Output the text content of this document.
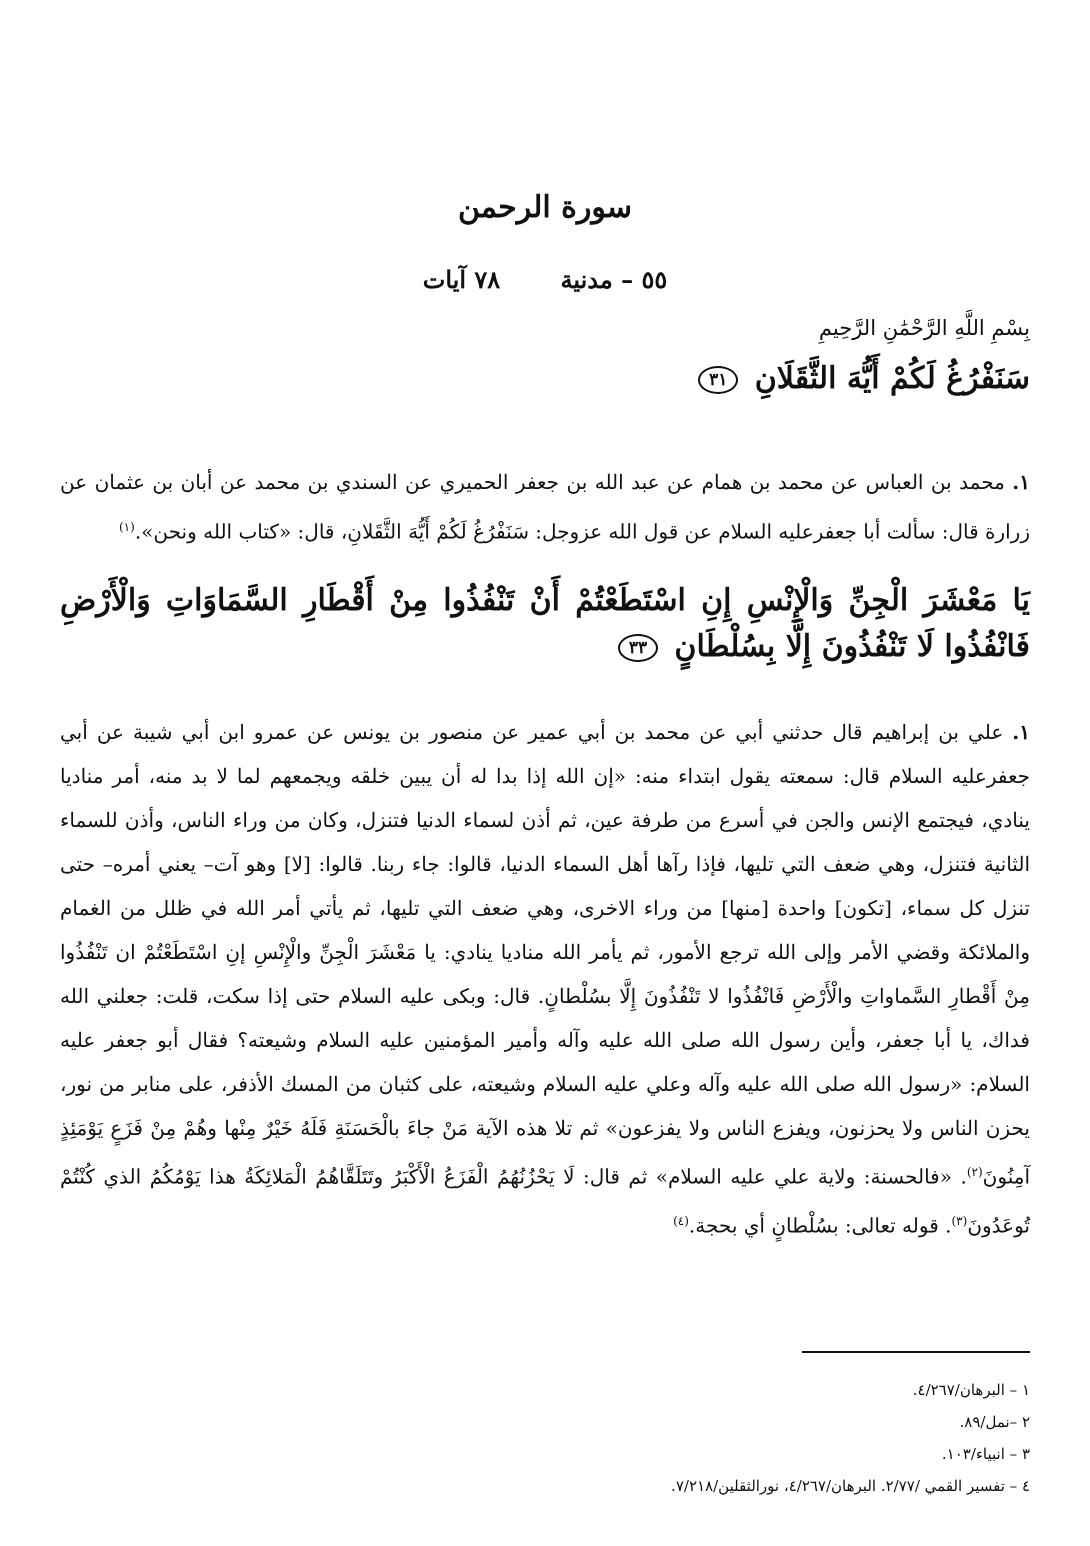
سورة الرحمن
٥٥ – مدنية ٧٨ آيات
بِسْمِ اللَّهِ الرَّحْمَٰنِ الرَّحِيمِ
سَنَفْرُغُ لَكُمْ أَيُّهَ الثَّقَلَانِ ٣١

١. محمد بن العباس عن محمد بن همام عن عبد الله بن جعفر الحميري عن السندي بن محمد عن أبان بن عثمان عن زرارة قال: سألت أبا جعفرعليه السلام عن قول الله عزوجل: سَنَفْرُغُ لَكُمْ أَيُّهَ الثَّقَلانِ، قال: «كتاب الله ونحن».$^{(١)}$

يَا مَعْشَرَ الْجِنِّ وَالْإِنْسِ إِنِ اسْتَطَعْتُمْ أَنْ تَنْفُذُوا مِنْ أَقْطَارِ السَّمَاوَاتِ وَالْأَرْضِ فَانْفُذُوا لَا تَنْفُذُونَ إِلَّا بِسُلْطَانٍ ٣٣

١. علي بن إبراهيم قال حدثني أبي عن محمد بن أبي عمير عن منصور بن يونس عن عمرو ابن أبي شيبة عن أبي جعفرعليه السلام قال: سمعته يقول ابتداء منه: «إن الله إذا بدا له أن يبين خلقه ويجمعهم لما لا بد منه، أمر مناديا ينادي، فيجتمع الإنس والجن في أسرع من طرفة عين، ثم أذن لسماء الدنيا فتنزل، وكان من وراء الناس، وأذن للسماء الثانية فتنزل، وهي ضعف التي تليها، فإذا رآها أهل السماء الدنيا، قالوا: جاء ربنا. قالوا: [لا] وهو آت– يعني أمره– حتى تنزل كل سماء، [تكون] واحدة [منها] من وراء الاخرى، وهي ضعف التي تليها، ثم يأتي أمر الله في ظلل من الغمام والملائكة وقضي الأمر وإلى الله ترجع الأمور، ثم يأمر الله مناديا ينادي: يا مَعْشَرَ الْجِنِّ والْإِنْسِ إنِ اسْتَطَعْتُمْ ان تَنْفُذُوا مِنْ أَقْطارِ السَّماواتِ والْأَرْضِ فَانْفُذُوا لا تَنْفُذُونَ إِلَّا بسُلْطانٍ. قال: وبكى عليه السلام حتى إذا سكت، قلت: جعلني الله فداك، يا أبا جعفر، وأين رسول الله صلى الله عليه وآله وأمير المؤمنين عليه السلام وشيعته؟ فقال أبو جعفر عليه السلام: «رسول الله صلى الله عليه وآله وعلي عليه السلام وشيعته، على كثبان من المسك الأذفر، على منابر من نور، يحزن الناس ولا يحزنون، ويفزع الناس ولا يفزعون» ثم تلا هذه الآية مَنْ جاءَ بالْحَسَنَةِ فَلَهُ خَيْرٌ مِنْها وهُمْ مِنْ فَزَعٍ يَوْمَئِذٍ آمِنُونَ$^{(٢)}$. «فالحسنة: ولاية علي عليه السلام» ثم قال: لَا يَحْزُنُهُمُ الْفَزَعُ الْأَكْبَرُ وتَتَلَقَّاهُمُ الْمَلائِكَةُ هذا يَوْمُكُمُ الذي كُنْتُمْ تُوعَدُونَ$^{(٣)}$. قوله تعالى: بسُلْطانٍ أي بحجة.$^{(٤)}$

١ – البرهان/٤/٢٦٧.
٢ –نمل/٨٩.
٣ – انبياء/١٠٣.
٤ – تفسير القمي /٢/٧٧. البرهان/٤/٢٦٧، نورالثقلين/٧/٢١٨.
